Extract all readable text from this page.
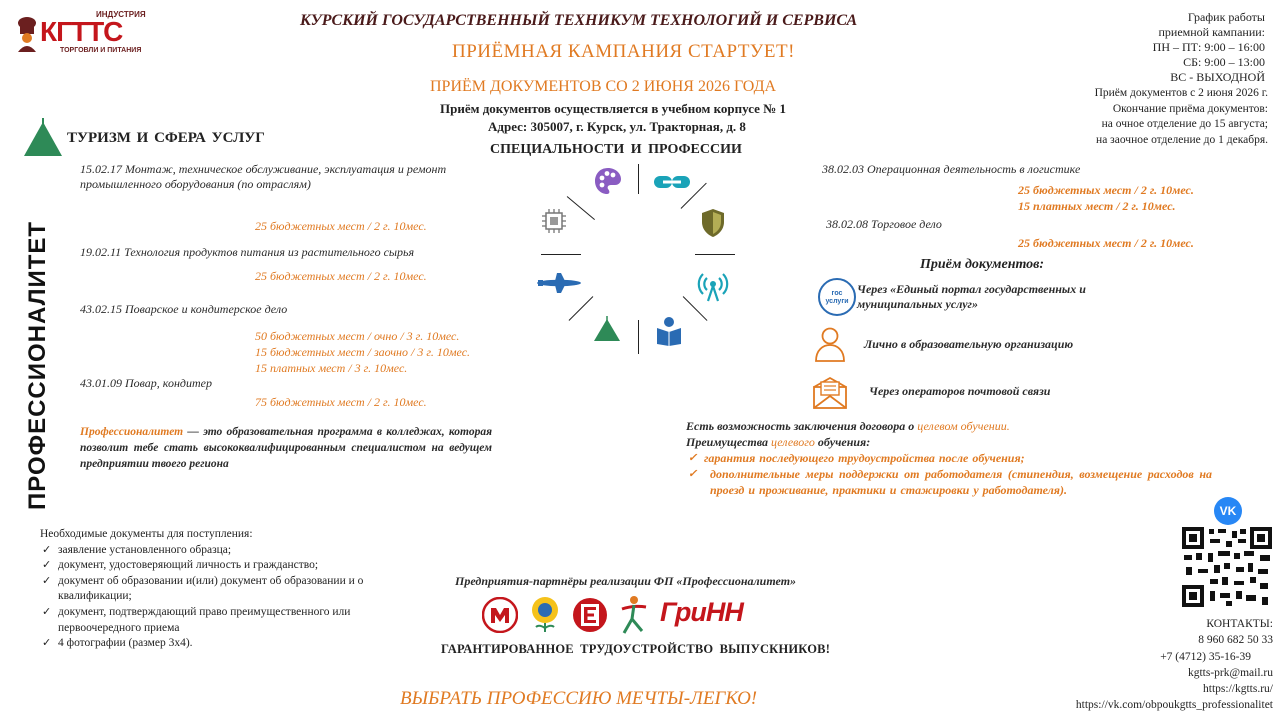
ИНДУСТРИЯ
КГТТС
ТОРГОВЛИ И ПИТАНИЯ
КУРСКИЙ ГОСУДАРСТВЕННЫЙ ТЕХНИКУМ ТЕХНОЛОГИЙ И СЕРВИСА
ПРИЁМНАЯ КАМПАНИЯ СТАРТУЕТ!
ПРИЁМ ДОКУМЕНТОВ СО 2 ИЮНЯ 2026 ГОДА
Приём документов осуществляется в учебном корпусе № 1
Адрес: 305007, г. Курск, ул. Тракторная, д. 8
СПЕЦИАЛЬНОСТИ И ПРОФЕССИИ
График работы
приемной кампании:
ПН – ПТ: 9:00 – 16:00
СБ: 9:00 – 13:00
ВС - ВЫХОДНОЙ
Приём документов с 2 июня 2026 г.
Окончание приёма документов:
на очное отделение до 15 августа;
на заочное отделение до 1 декабря.
ПРОФЕССИОНАЛИТЕТ
ТУРИЗМ И СФЕРА УСЛУГ
15.02.17 Монтаж, техническое обслуживание, эксплуатация и ремонт промышленного оборудования (по отраслям)
25 бюджетных мест / 2 г. 10мес.
19.02.11 Технология продуктов питания из растительного сырья
25 бюджетных мест / 2 г. 10мес.
43.02.15 Поварское и кондитерское дело
50 бюджетных мест / очно / 3 г. 10мес.
15 бюджетных мест / заочно / 3 г. 10мес.
15 платных мест / 3 г. 10мес.
43.01.09 Повар, кондитер
75 бюджетных мест / 2 г. 10мес.
Профессионалитет — это образовательная программа в колледжах, которая позволит тебе стать высококвалифицированным специалистом на ведущем предприятии твоего региона
38.02.03 Операционная деятельность в логистике
25 бюджетных мест / 2 г. 10мес.
15 платных мест / 2 г. 10мес.
38.02.08 Торговое дело
25 бюджетных мест / 2 г. 10мес.
Приём документов:
гос услуги
Через «Единый портал государственных и муниципальных услуг»
Лично в образовательную организацию
Через операторов почтовой связи
Есть возможность заключения договора о целевом обучении.
Преимущества целевого обучения:
✓ гарантия последующего трудоустройства после обучения;
✓ дополнительные меры поддержки от работодателя (стипендия, возмещение расходов на проезд и проживание, практики и стажировки у работодателя).
Необходимые документы для поступления:
✓ заявление установленного образца;
✓ документ, удостоверяющий личность и гражданство;
✓ документ об образовании и(или) документ об образовании и о квалификации;
✓ документ, подтверждающий право преимущественного или первоочередного приема
✓ 4 фотографии (размер 3х4).
Предприятия-партнёры реализации ФП «Профессионалитет»
ГриНН
ГАРАНТИРОВАННОЕ ТРУДОУСТРОЙСТВО ВЫПУСКНИКОВ!
ВЫБРАТЬ ПРОФЕССИЮ МЕЧТЫ-ЛЕГКО!
VK
КОНТАКТЫ:
8 960 682 50 33
+7 (4712) 35-16-39
kgtts-prk@mail.ru
https://kgtts.ru/
https://vk.com/obpoukgtts_professionalitet
